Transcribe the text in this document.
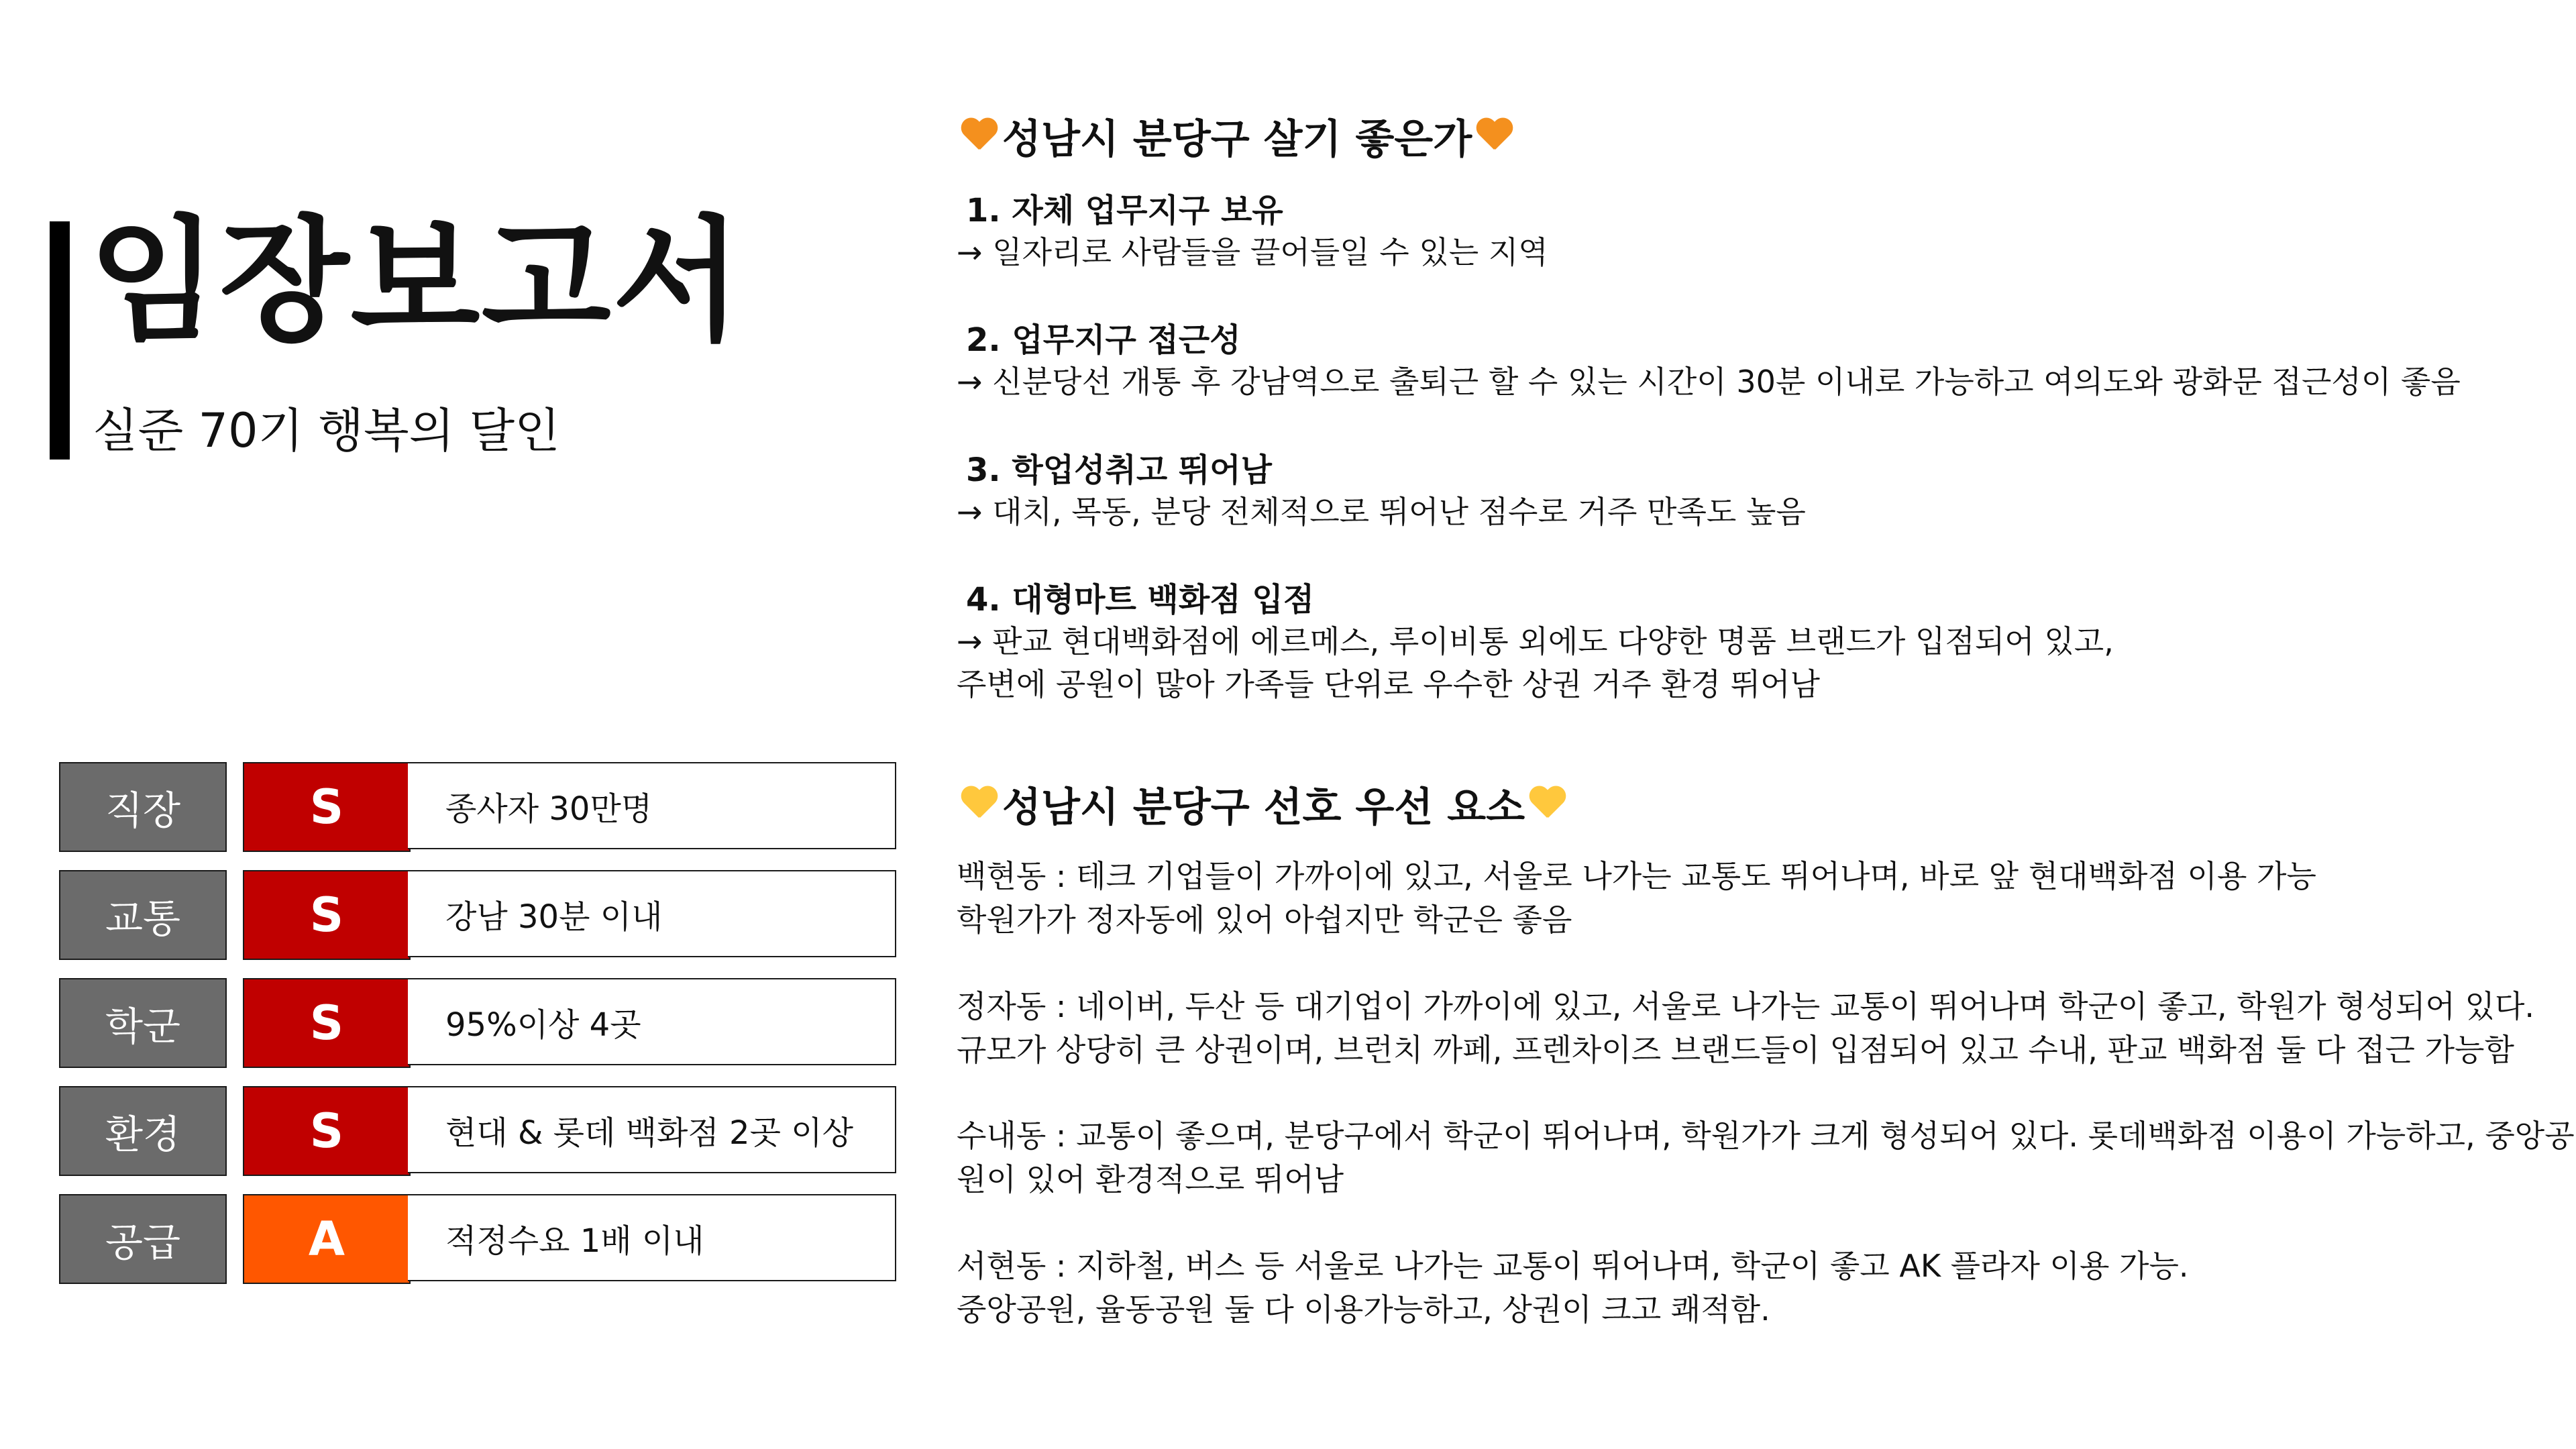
임장보고서
실준 70기 행복의 달인
직장	S	종사자 30만명
교통	S	강남 30분 이내
학군	S	95%이상 4곳
환경	S	현대 & 롯데 백화점 2곳 이상
공급	A	적정수요 1배 이내
성남시 분당구 살기 좋은가
1. 자체 업무지구 보유
→ 일자리로 사람들을 끌어들일 수 있는 지역
2. 업무지구 접근성
→ 신분당선 개통 후 강남역으로 출퇴근 할 수 있는 시간이 30분 이내로 가능하고 여의도와 광화문 접근성이 좋음
3. 학업성취고 뛰어남
→ 대치, 목동, 분당 전체적으로 뛰어난 점수로 거주 만족도 높음
4. 대형마트 백화점 입점
→ 판교 현대백화점에 에르메스, 루이비통 외에도 다양한 명품 브랜드가 입점되어 있고,
주변에 공원이 많아 가족들 단위로 우수한 상권 거주 환경 뛰어남
성남시 분당구 선호 우선 요소
백현동 : 테크 기업들이 가까이에 있고, 서울로 나가는 교통도 뛰어나며, 바로 앞 현대백화점 이용 가능
학원가가 정자동에 있어 아쉽지만 학군은 좋음
정자동 : 네이버, 두산 등 대기업이 가까이에 있고, 서울로 나가는 교통이 뛰어나며 학군이 좋고, 학원가 형성되어 있다.
규모가 상당히 큰 상권이며, 브런치 까페, 프렌차이즈 브랜드들이 입점되어 있고 수내, 판교 백화점 둘 다 접근 가능함
수내동 : 교통이 좋으며, 분당구에서 학군이 뛰어나며, 학원가가 크게 형성되어 있다. 롯데백화점 이용이 가능하고, 중앙공
원이 있어 환경적으로 뛰어남
서현동 : 지하철, 버스 등 서울로 나가는 교통이 뛰어나며, 학군이 좋고 AK 플라자 이용 가능.
중앙공원, 율동공원 둘 다 이용가능하고, 상권이 크고 쾌적함.
